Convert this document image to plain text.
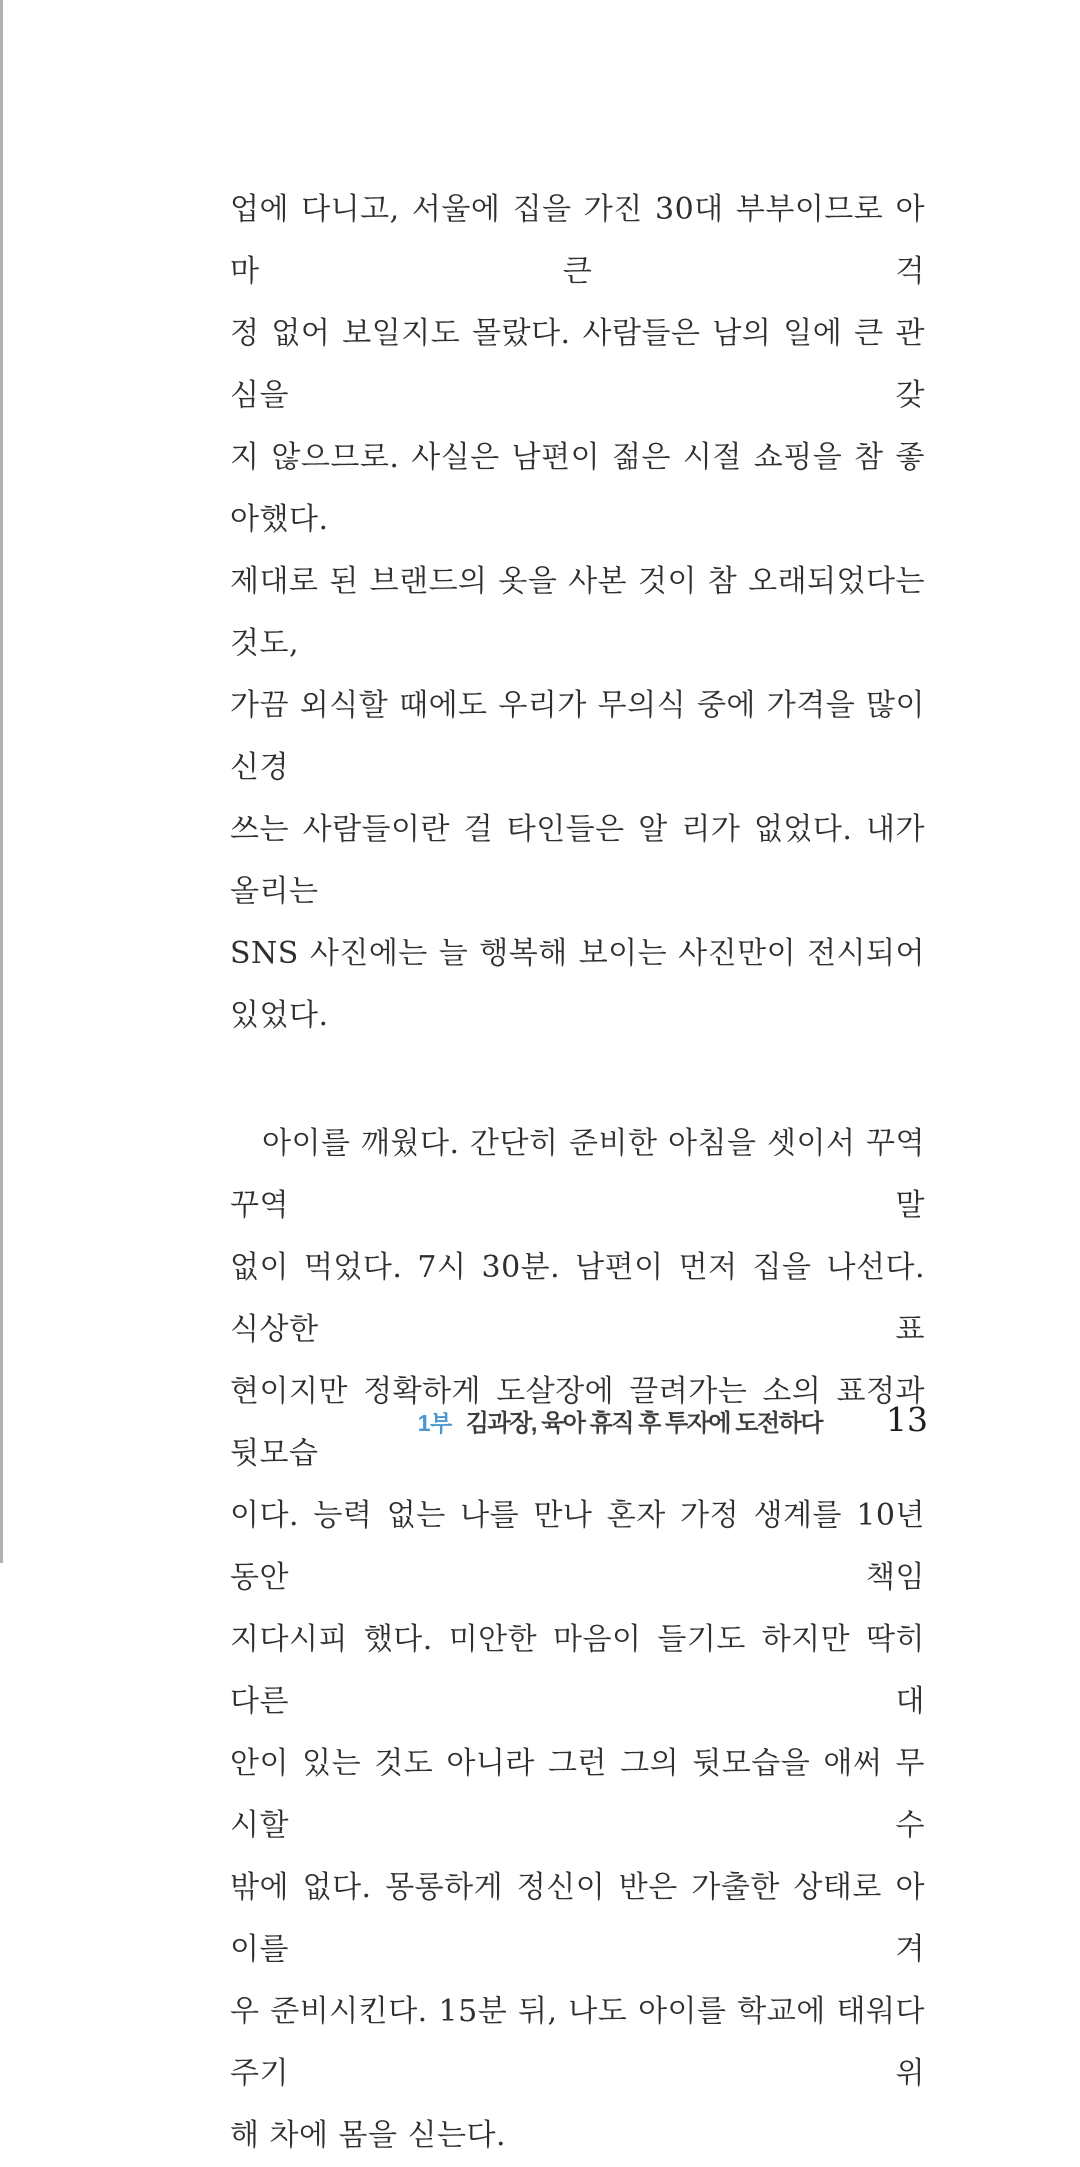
업에 다니고, 서울에 집을 가진 30대 부부이므로 아마 큰 걱
정 없어 보일지도 몰랐다. 사람들은 남의 일에 큰 관심을 갖
지 않으므로. 사실은 남편이 젊은 시절 쇼핑을 참 좋아했다.
제대로 된 브랜드의 옷을 사본 것이 참 오래되었다는 것도,
가끔 외식할 때에도 우리가 무의식 중에 가격을 많이 신경
쓰는 사람들이란 걸 타인들은 알 리가 없었다. 내가 올리는
SNS 사진에는 늘 행복해 보이는 사진만이 전시되어 있었다.
아이를 깨웠다. 간단히 준비한 아침을 셋이서 꾸역꾸역 말
없이 먹었다. 7시 30분. 남편이 먼저 집을 나선다. 식상한 표
현이지만 정확하게 도살장에 끌려가는 소의 표정과 뒷모습
이다. 능력 없는 나를 만나 혼자 가정 생계를 10년 동안 책임
지다시피 했다. 미안한 마음이 들기도 하지만 딱히 다른 대
안이 있는 것도 아니라 그런 그의 뒷모습을 애써 무시할 수
밖에 없다. 몽롱하게 정신이 반은 가출한 상태로 아이를 겨
우 준비시킨다. 15분 뒤, 나도 아이를 학교에 태워다 주기 위
해 차에 몸을 싣는다.
1부 김과장, 육아 휴직 후 투자에 도전하다 13
